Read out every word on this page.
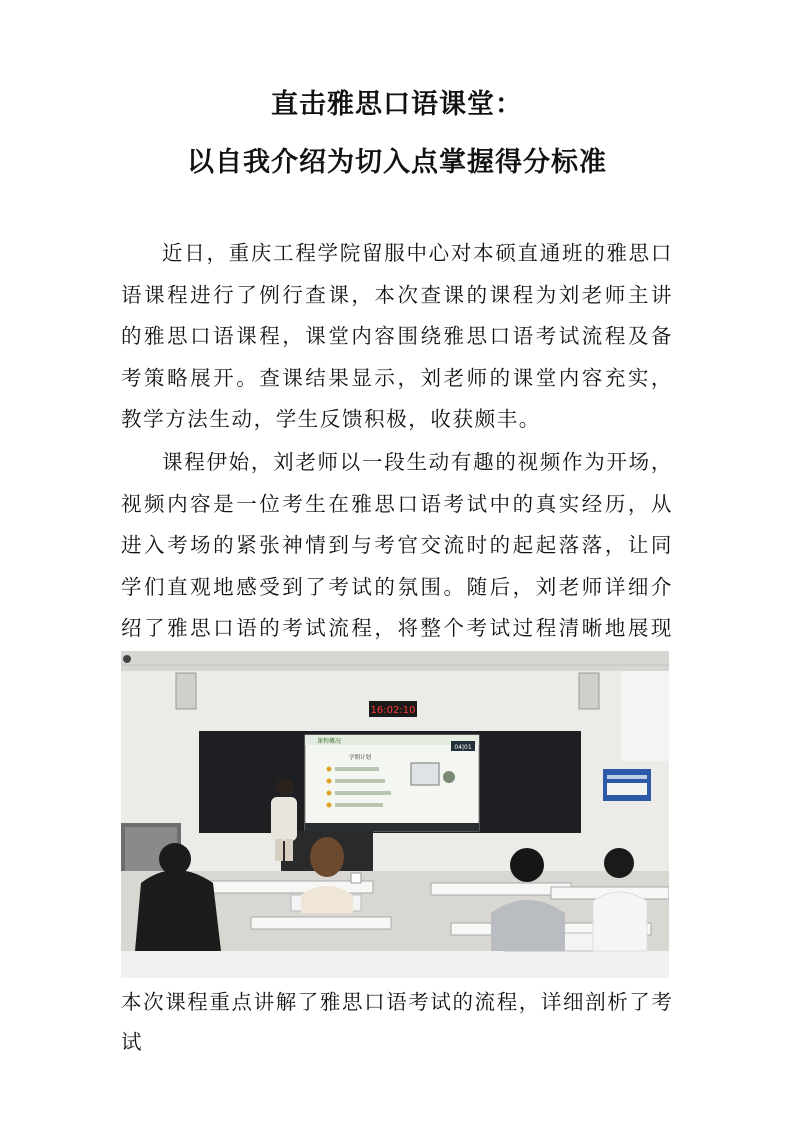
直击雅思口语课堂：
以自我介绍为切入点掌握得分标准

近日，重庆工程学院留服中心对本硕直通班的雅思口语课程进行了例行查课，本次查课的课程为刘老师主讲的雅思口语课程，课堂内容围绕雅思口语考试流程及备考策略展开。查课结果显示，刘老师的课堂内容充实，教学方法生动，学生反馈积极，收获颇丰。

课程伊始，刘老师以一段生动有趣的视频作为开场，视频内容是一位考生在雅思口语考试中的真实经历，从进入考场的紧张神情到与考官交流时的起起落落，让同学们直观地感受到了考试的氛围。随后，刘老师详细介绍了雅思口语的考试流程，将整个考试过程清晰地展现

16:02:10
课程概况
学期计划
04|01
本次课程重点讲解了雅思口语考试的流程，详细剖析了考试
